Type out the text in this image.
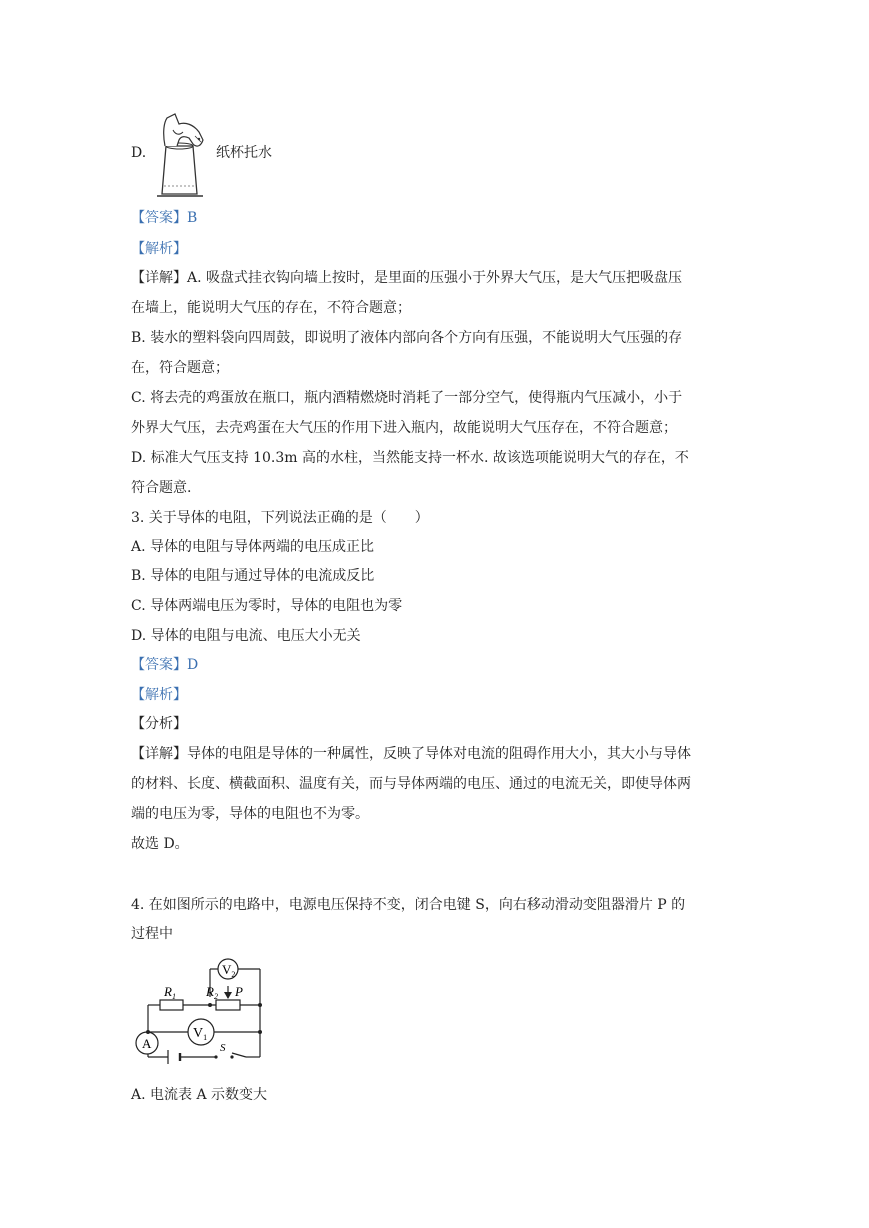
D.	纸杯托水
【答案】B
【解析】
【详解】A. 吸盘式挂衣钩向墙上按时，是里面的压强小于外界大气压，是大气压把吸盘压
在墙上，能说明大气压的存在，不符合题意；
B. 装水的塑料袋向四周鼓，即说明了液体内部向各个方向有压强，不能说明大气压强的存
在，符合题意；
C. 将去壳的鸡蛋放在瓶口，瓶内酒精燃烧时消耗了一部分空气，使得瓶内气压减小，小于
外界大气压，去壳鸡蛋在大气压的作用下进入瓶内，故能说明大气压存在，不符合题意；
D. 标准大气压支持 10.3m 高的水柱，当然能支持一杯水. 故该选项能说明大气的存在，不
符合题意.
3. 关于导体的电阻，下列说法正确的是（　　）
A. 导体的电阻与导体两端的电压成正比
B. 导体的电阻与通过导体的电流成反比
C. 导体两端电压为零时，导体的电阻也为零
D. 导体的电阻与电流、电压大小无关
【答案】D
【解析】
【分析】
【详解】导体的电阻是导体的一种属性，反映了导体对电流的阻碍作用大小，其大小与导体
的材料、长度、横截面积、温度有关，而与导体两端的电压、通过的电流无关，即使导体两
端的电压为零，导体的电阻也不为零。
故选 D。
4. 在如图所示的电路中，电源电压保持不变，闭合电键 S，向右移动滑动变阻器滑片 P 的
过程中
$V_2$
$V_1$
$R_1$ $R_2$ P
A	S
A. 电流表 A 示数变大
